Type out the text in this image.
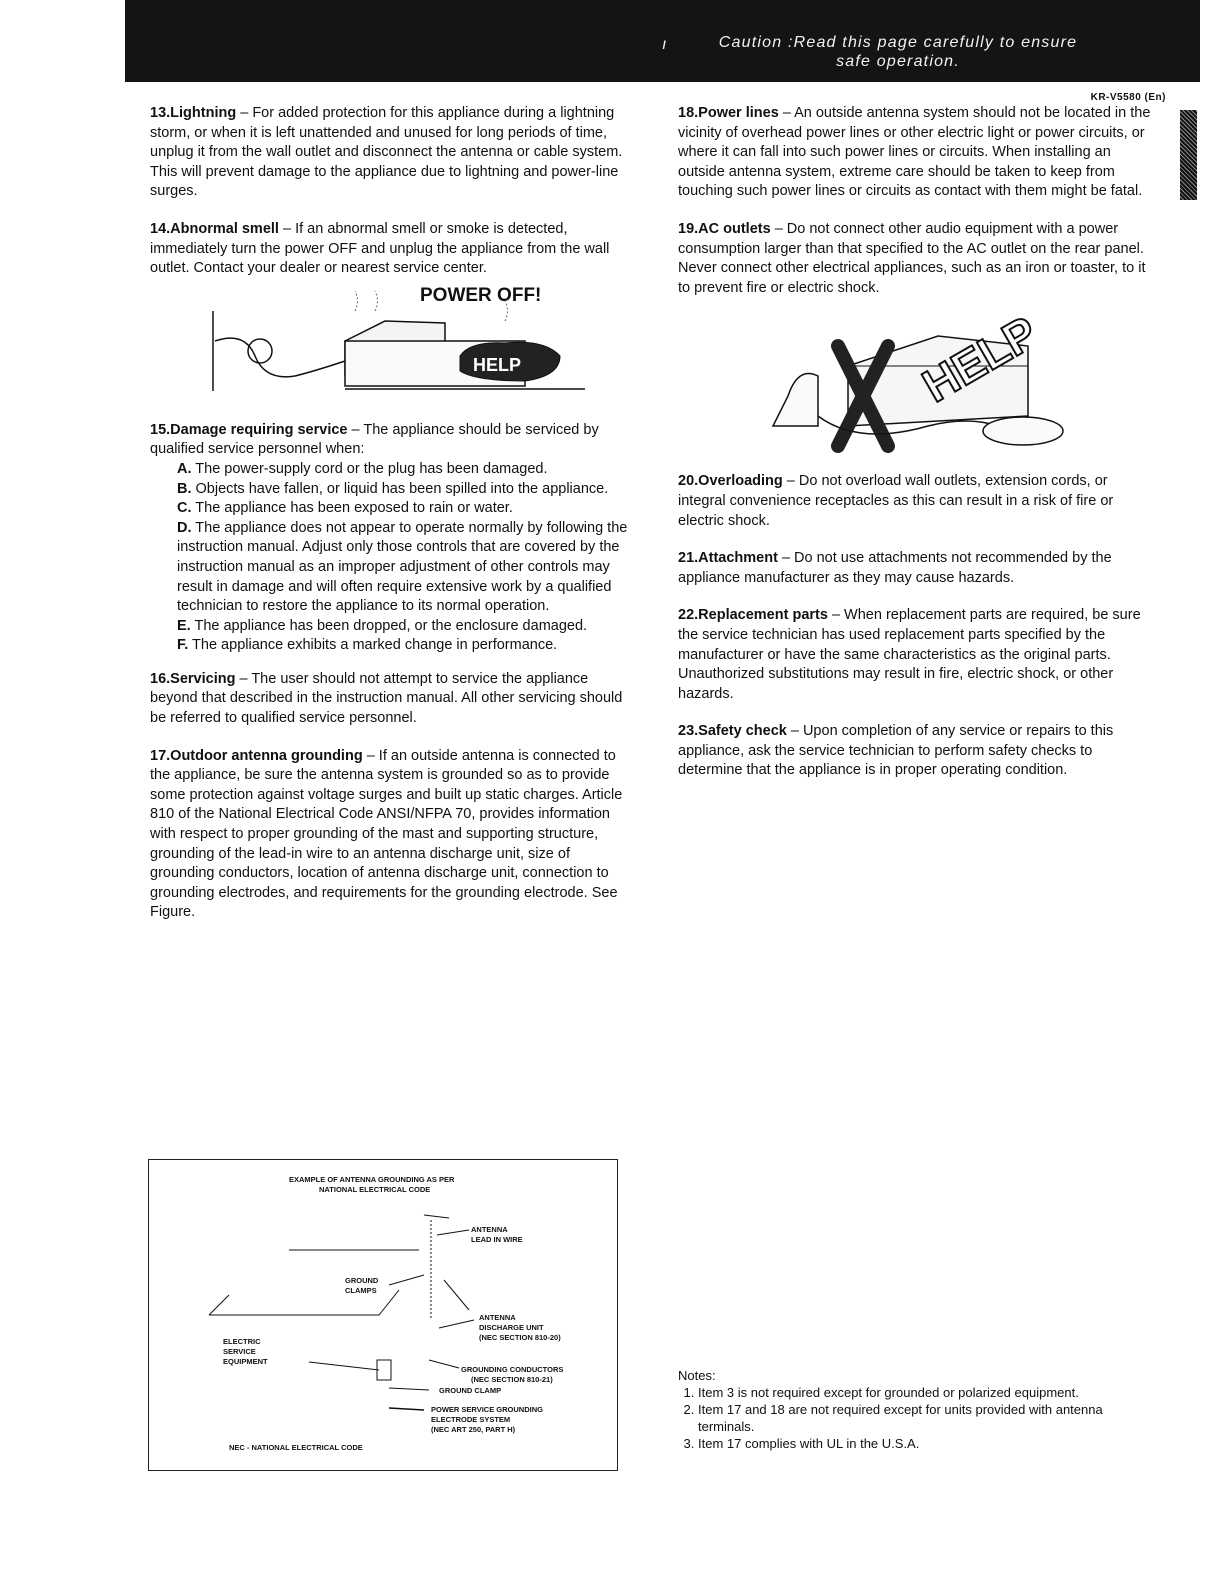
ı	Caution :Read this page carefully to ensure
safe operation.
KR-V5580 (En)
13.Lightning – For added protection for this appliance during a lightning storm, or when it is left unattended and unused for long periods of time, unplug it from the wall outlet and disconnect the antenna or cable system. This will prevent damage to the appliance due to lightning and power-line surges.
14.Abnormal smell – If an abnormal smell or smoke is detected, immediately turn the power OFF and unplug the appliance from the wall outlet. Contact your dealer or nearest service center.
POWER OFF!
HELP
15.Damage requiring service – The appliance should be serviced by qualified service personnel when:
A. The power-supply cord or the plug has been damaged.
B. Objects have fallen, or liquid has been spilled into the appliance.
C. The appliance has been exposed to rain or water.
D. The appliance does not appear to operate normally by following the instruction manual. Adjust only those controls that are covered by the instruction manual as an improper adjustment of other controls may result in damage and will often require extensive work by a qualified technician to restore the appliance to its normal operation.
E. The appliance has been dropped, or the enclosure damaged.
F. The appliance exhibits a marked change in performance.
16.Servicing – The user should not attempt to service the appliance beyond that described in the instruction manual. All other servicing should be referred to qualified service personnel.
17.Outdoor antenna grounding – If an outside antenna is connected to the appliance, be sure the antenna system is grounded so as to provide some protection against voltage surges and built up static charges. Article 810 of the National Electrical Code ANSI/NFPA 70, provides information with respect to proper grounding of the mast and supporting structure, grounding of the lead-in wire to an antenna discharge unit, size of grounding conductors, location of antenna discharge unit, connection to grounding electrodes, and requirements for the grounding electrode. See Figure.
EXAMPLE OF ANTENNA GROUNDING AS PER
NATIONAL ELECTRICAL CODE
ANTENNA
LEAD IN WIRE
GROUND
CLAMPS
ANTENNA
DISCHARGE UNIT
(NEC SECTION 810-20)
ELECTRIC
SERVICE
EQUIPMENT
GROUNDING CONDUCTORS
(NEC SECTION 810-21)
GROUND CLAMP
POWER SERVICE GROUNDING
ELECTRODE SYSTEM
(NEC ART 250, PART H)
NEC - NATIONAL ELECTRICAL CODE
18.Power lines – An outside antenna system should not be located in the vicinity of overhead power lines or other electric light or power circuits, or where it can fall into such power lines or circuits. When installing an outside antenna system, extreme care should be taken to keep from touching such power lines or circuits as contact with them might be fatal.
19.AC outlets – Do not connect other audio equipment with a power consumption larger than that specified to the AC outlet on the rear panel. Never connect other electrical appliances, such as an iron or toaster, to it to prevent fire or electric shock.
HELP
20.Overloading – Do not overload wall outlets, extension cords, or integral convenience receptacles as this can result in a risk of fire or electric shock.
21.Attachment – Do not use attachments not recommended by the appliance manufacturer as they may cause hazards.
22.Replacement parts – When replacement parts are required, be sure the service technician has used replacement parts specified by the manufacturer or have the same characteristics as the original parts. Unauthorized substitutions may result in fire, electric shock, or other hazards.
23.Safety check – Upon completion of any service or repairs to this appliance, ask the service technician to perform safety checks to determine that the appliance is in proper operating condition.
Notes:
1. Item 3 is not required except for grounded or polarized equipment.
2. Item 17 and 18 are not required except for units provided with antenna terminals.
3. Item 17 complies with UL in the U.S.A.
